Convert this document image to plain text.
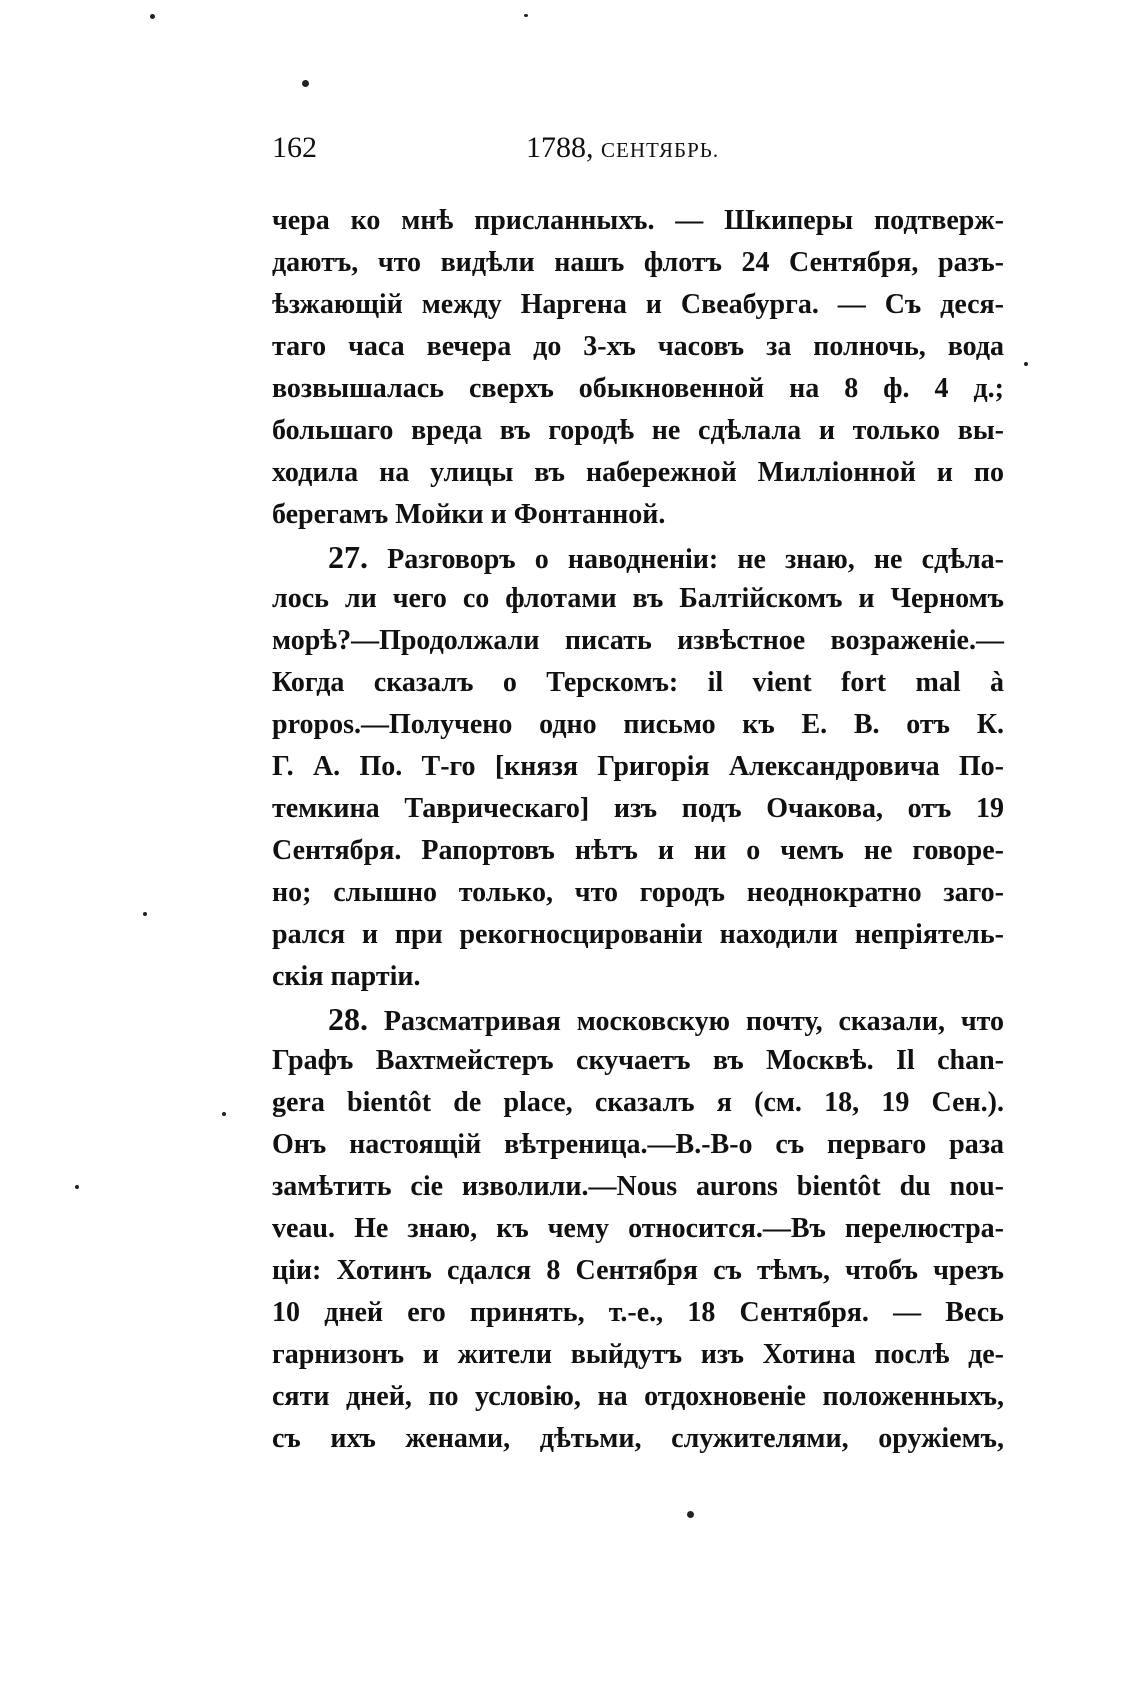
162	1788, СЕНТЯБРЬ.
чера ко мнѣ присланныхъ. — Шкиперы подтверж-
даютъ, что видѣли нашъ флотъ 24 Сентября, разъ-
ѣзжающій между Наргена и Свеабурга. — Съ деся-
таго часа вечера до 3-хъ часовъ за полночь, вода
возвышалась сверхъ обыкновенной на 8 ф. 4 д.;
большаго вреда въ городѣ не сдѣлала и только вы-
ходила на улицы въ набережной Милліонной и по
берегамъ Мойки и Фонтанной.
27. Разговоръ о наводненіи: не знаю, не сдѣла-
лось ли чего со флотами въ Балтійскомъ и Черномъ
морѣ?—Продолжали писать извѣстное возраженіе.—
Когда сказалъ о Терскомъ: il vient fort mal à
propos.—Получено одно письмо къ Е. В. отъ К.
Г. А. По. Т-го [князя Григорія Александровича По-
темкина Таврическаго] изъ подъ Очакова, отъ 19
Сентября. Рапортовъ нѣтъ и ни о чемъ не говоре-
но; слышно только, что городъ неоднократно заго-
рался и при рекогносцированіи находили непріятель-
скія партіи.
28. Разсматривая московскую почту, сказали, что
Графъ Вахтмейстеръ скучаетъ въ Москвѣ. Il chan-
gera bientôt de place, сказалъ я (см. 18, 19 Сен.).
Онъ настоящій вѣтреница.—В.-В-о съ перваго раза
замѣтить сіе изволили.—Nous aurons bientôt du nou-
veau. Не знаю, къ чему относится.—Въ перелюстра-
ціи: Хотинъ сдался 8 Сентября съ тѣмъ, чтобъ чрезъ
10 дней его принять, т.-е., 18 Сентября. — Весь
гарнизонъ и жители выйдутъ изъ Хотина послѣ де-
сяти дней, по условію, на отдохновеніе положенныхъ,
съ ихъ женами, дѣтьми, служителями, оружіемъ,
